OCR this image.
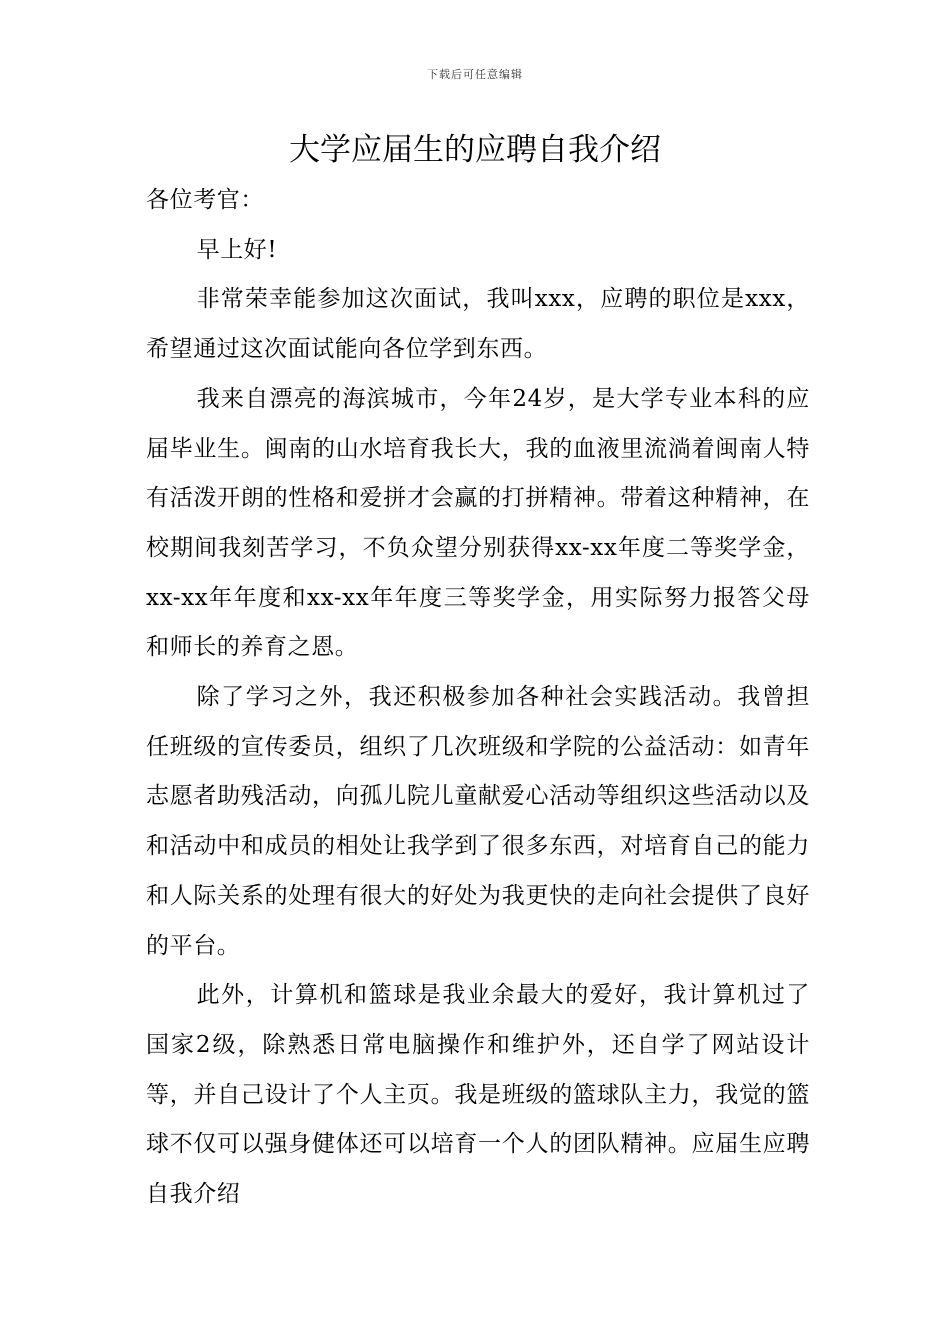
下载后可任意编辑
大学应届生的应聘自我介绍

各位考官：

早上好!

非常荣幸能参加这次面试，我叫xxx，应聘的职位是xxx，希望通过这次面试能向各位学到东西。

我来自漂亮的海滨城市，今年24岁，是大学专业本科的应届毕业生。闽南的山水培育我长大，我的血液里流淌着闽南人特有活泼开朗的性格和爱拼才会赢的打拼精神。带着这种精神，在校期间我刻苦学习，不负众望分别获得xx-xx年度二等奖学金，xx-xx年年度和xx-xx年年度三等奖学金，用实际努力报答父母和师长的养育之恩。

除了学习之外，我还积极参加各种社会实践活动。我曾担任班级的宣传委员，组织了几次班级和学院的公益活动：如青年志愿者助残活动，向孤儿院儿童献爱心活动等组织这些活动以及和活动中和成员的相处让我学到了很多东西，对培育自己的能力和人际关系的处理有很大的好处为我更快的走向社会提供了良好的平台。

此外，计算机和篮球是我业余最大的爱好，我计算机过了国家2级，除熟悉日常电脑操作和维护外，还自学了网站设计等，并自己设计了个人主页。我是班级的篮球队主力，我觉的篮球不仅可以强身健体还可以培育一个人的团队精神。应届生应聘自我介绍
